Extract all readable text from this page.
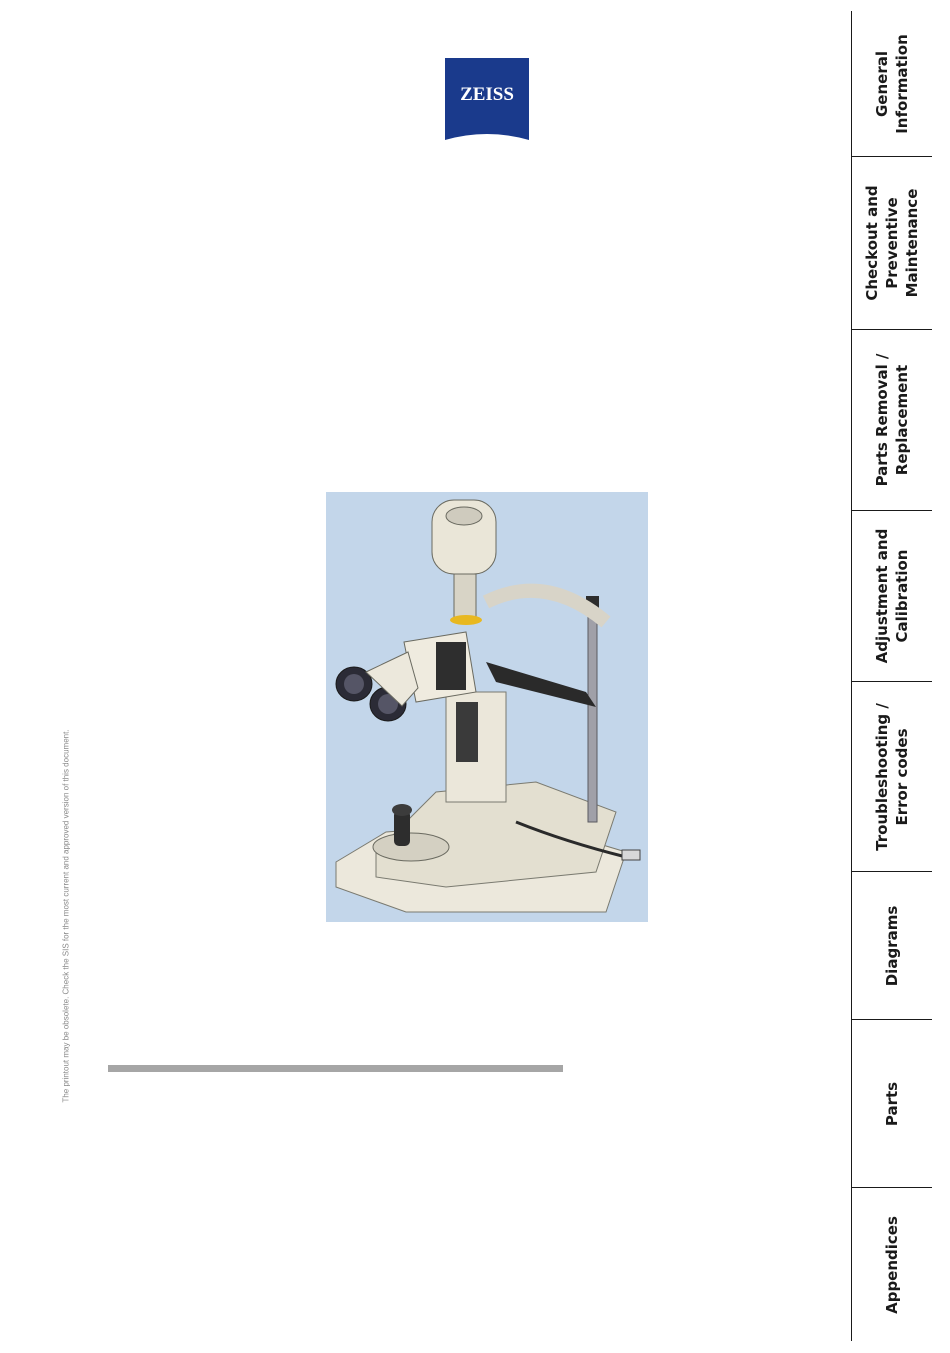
ZEISS
The printout may be obsolete. Check the SIS for the most current and approved version of this document.
General
Information
Checkout and
Preventive
Maintenance
Parts Removal /
Replacement
Adjustment and
Calibration
Troubleshooting /
Error codes
Diagrams
Parts
Appendices
